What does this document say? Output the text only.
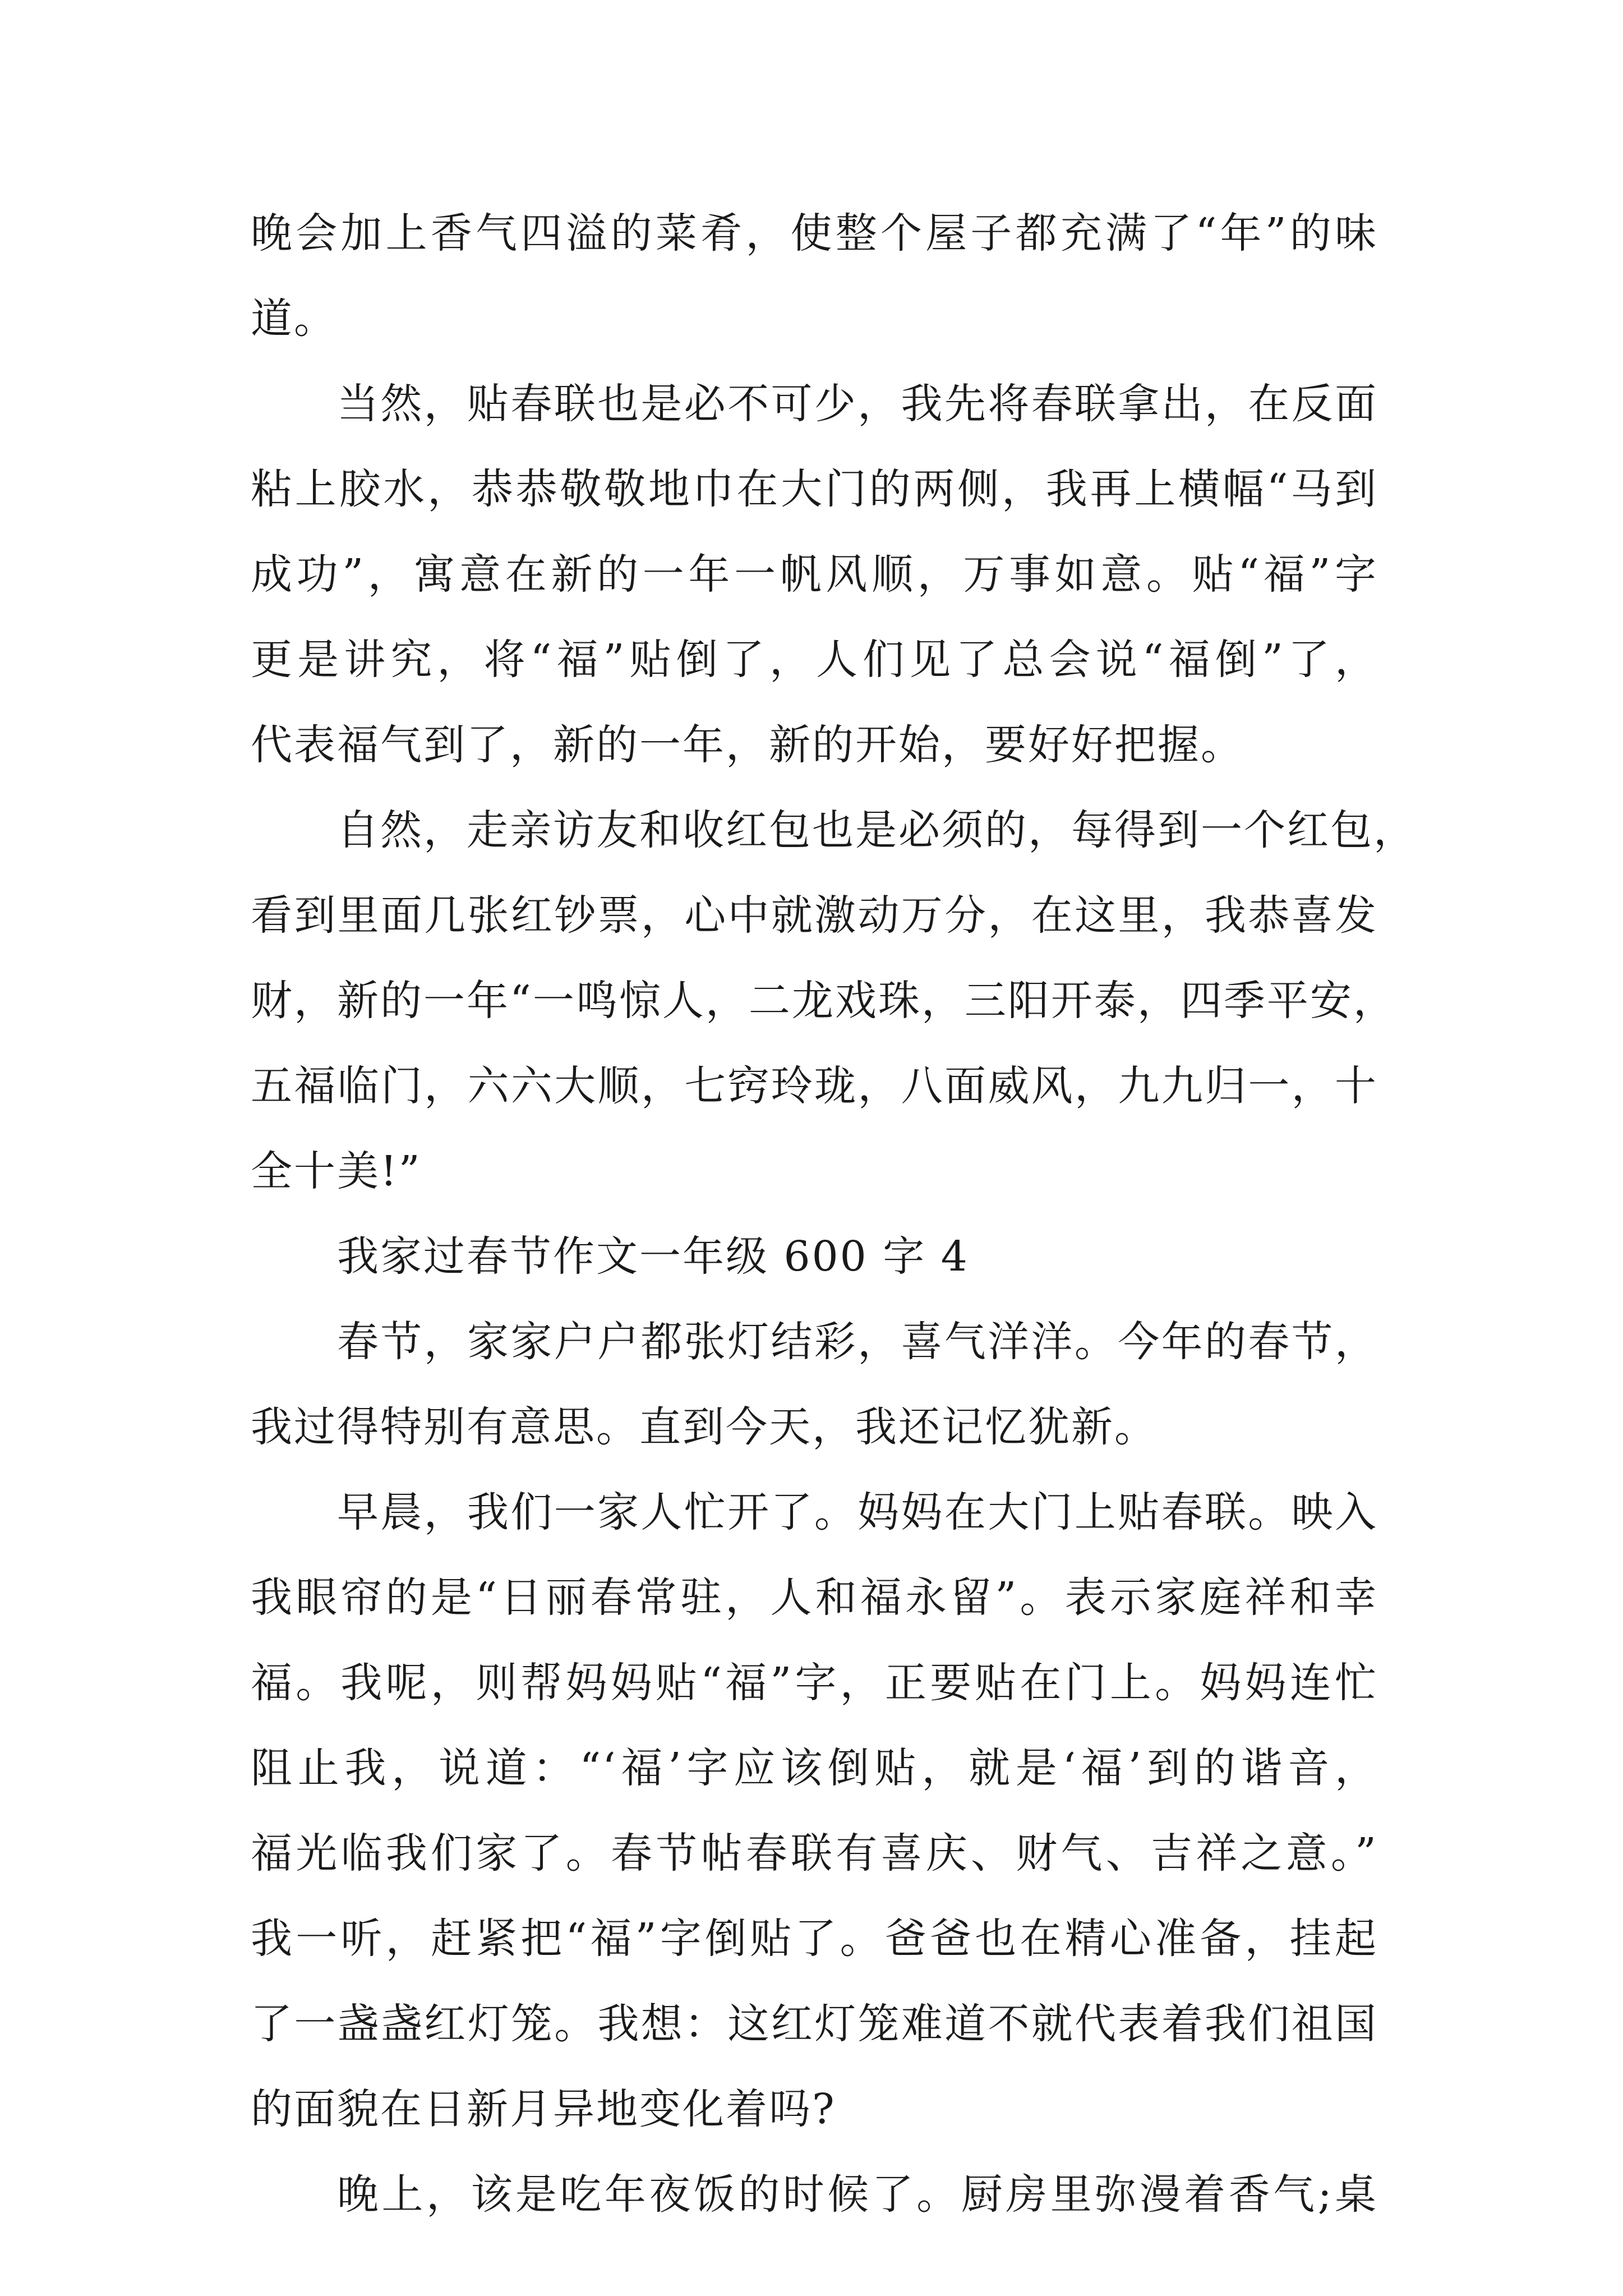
晚会加上香气四溢的菜肴，使整个屋子都充满了“年”的味
道。
当然，贴春联也是必不可少，我先将春联拿出，在反面
粘上胶水，恭恭敬敬地巾在大门的两侧，我再上横幅“马到
成功”，寓意在新的一年一帆风顺，万事如意。贴“福”字
更是讲究，将“福”贴倒了，人们见了总会说“福倒”了，
代表福气到了，新的一年，新的开始，要好好把握。
自然，走亲访友和收红包也是必须的，每得到一个红包，
看到里面几张红钞票，心中就激动万分，在这里，我恭喜发
财，新的一年“一鸣惊人，二龙戏珠，三阳开泰，四季平安，
五福临门，六六大顺，七窍玲珑，八面威风，九九归一，十
全十美!”
我家过春节作文一年级 600 字 4
春节，家家户户都张灯结彩，喜气洋洋。今年的春节，
我过得特别有意思。直到今天，我还记忆犹新。
早晨，我们一家人忙开了。妈妈在大门上贴春联。映入
我眼帘的是“日丽春常驻，人和福永留”。表示家庭祥和幸
福。我呢，则帮妈妈贴“福”字，正要贴在门上。妈妈连忙
阻止我，说道：“‘福’字应该倒贴，就是‘福’到的谐音，
福光临我们家了。春节帖春联有喜庆、财气、吉祥之意。”
我一听，赶紧把“福”字倒贴了。爸爸也在精心准备，挂起
了一盏盏红灯笼。我想：这红灯笼难道不就代表着我们祖国
的面貌在日新月异地变化着吗?
晚上，该是吃年夜饭的时候了。厨房里弥漫着香气;桌
